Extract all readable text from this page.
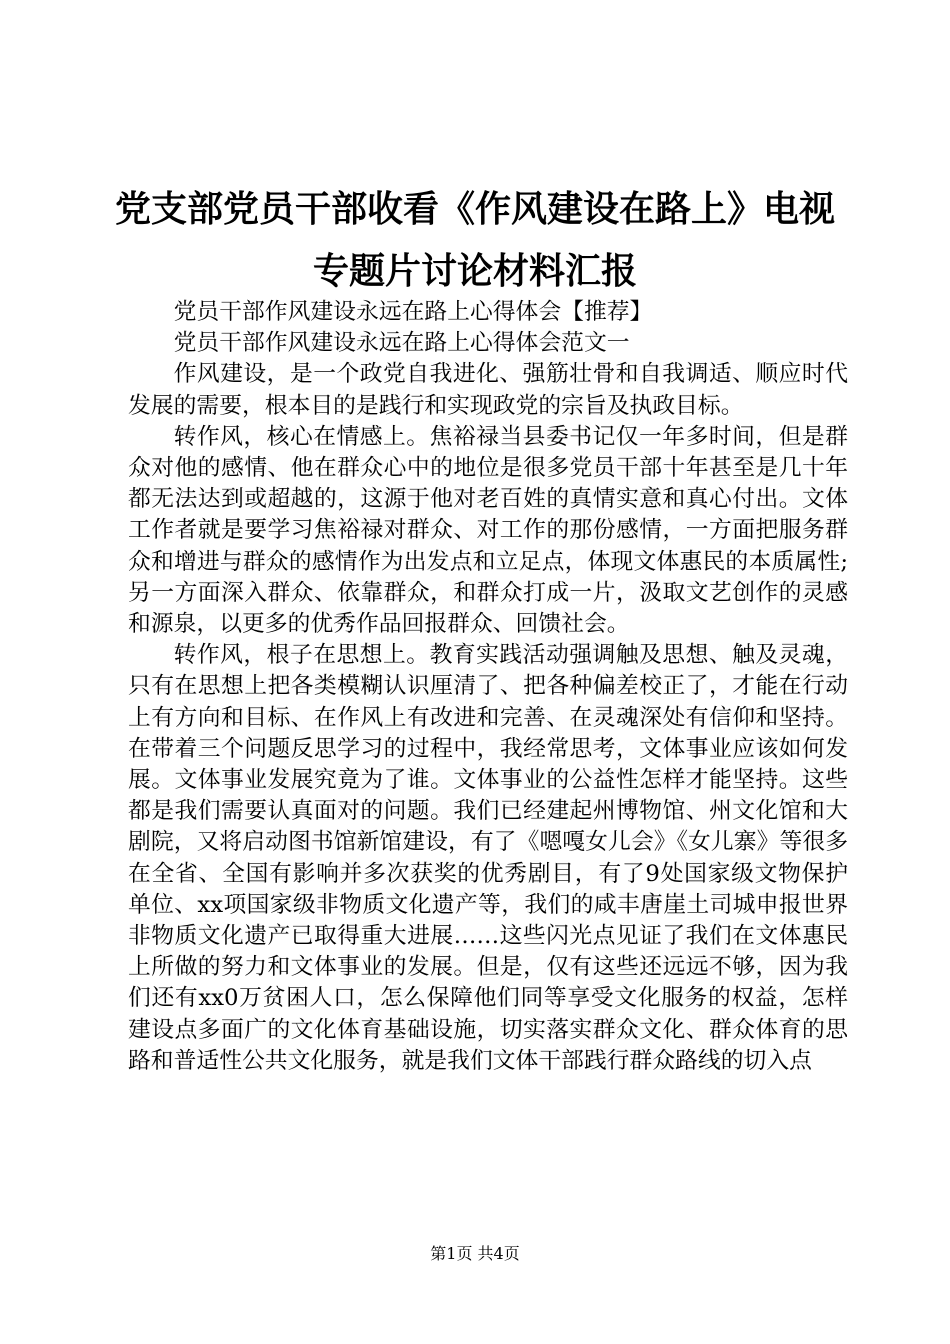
党支部党员干部收看《作风建设在路上》电视
专题片讨论材料汇报

党员干部作风建设永远在路上心得体会【推荐】

党员干部作风建设永远在路上心得体会范文一

作风建设，是一个政党自我进化、强筋壮骨和自我调适、顺应时代发展的需要，根本目的是践行和实现政党的宗旨及执政目标。

转作风，核心在情感上。焦裕禄当县委书记仅一年多时间，但是群众对他的感情、他在群众心中的地位是很多党员干部十年甚至是几十年都无法达到或超越的，这源于他对老百姓的真情实意和真心付出。文体工作者就是要学习焦裕禄对群众、对工作的那份感情，一方面把服务群众和增进与群众的感情作为出发点和立足点，体现文体惠民的本质属性;另一方面深入群众、依靠群众，和群众打成一片，汲取文艺创作的灵感和源泉，以更多的优秀作品回报群众、回馈社会。

转作风，根子在思想上。教育实践活动强调触及思想、触及灵魂，只有在思想上把各类模糊认识厘清了、把各种偏差校正了，才能在行动上有方向和目标、在作风上有改进和完善、在灵魂深处有信仰和坚持。在带着三个问题反思学习的过程中，我经常思考，文体事业应该如何发展。文体事业发展究竟为了谁。文体事业的公益性怎样才能坚持。这些都是我们需要认真面对的问题。我们已经建起州博物馆、州文化馆和大剧院，又将启动图书馆新馆建设，有了《嗯嘎女儿会》《女儿寨》等很多在全省、全国有影响并多次获奖的优秀剧目，有了9处国家级文物保护单位、xx项国家级非物质文化遗产等，我们的咸丰唐崖土司城申报世界非物质文化遗产已取得重大进展……这些闪光点见证了我们在文体惠民上所做的努力和文体事业的发展。但是，仅有这些还远远不够，因为我们还有xx0万贫困人口，怎么保障他们同等享受文化服务的权益，怎样建设点多面广的文化体育基础设施，切实落实群众文化、群众体育的思路和普适性公共文化服务，就是我们文体干部践行群众路线的切入点

第1页 共4页
